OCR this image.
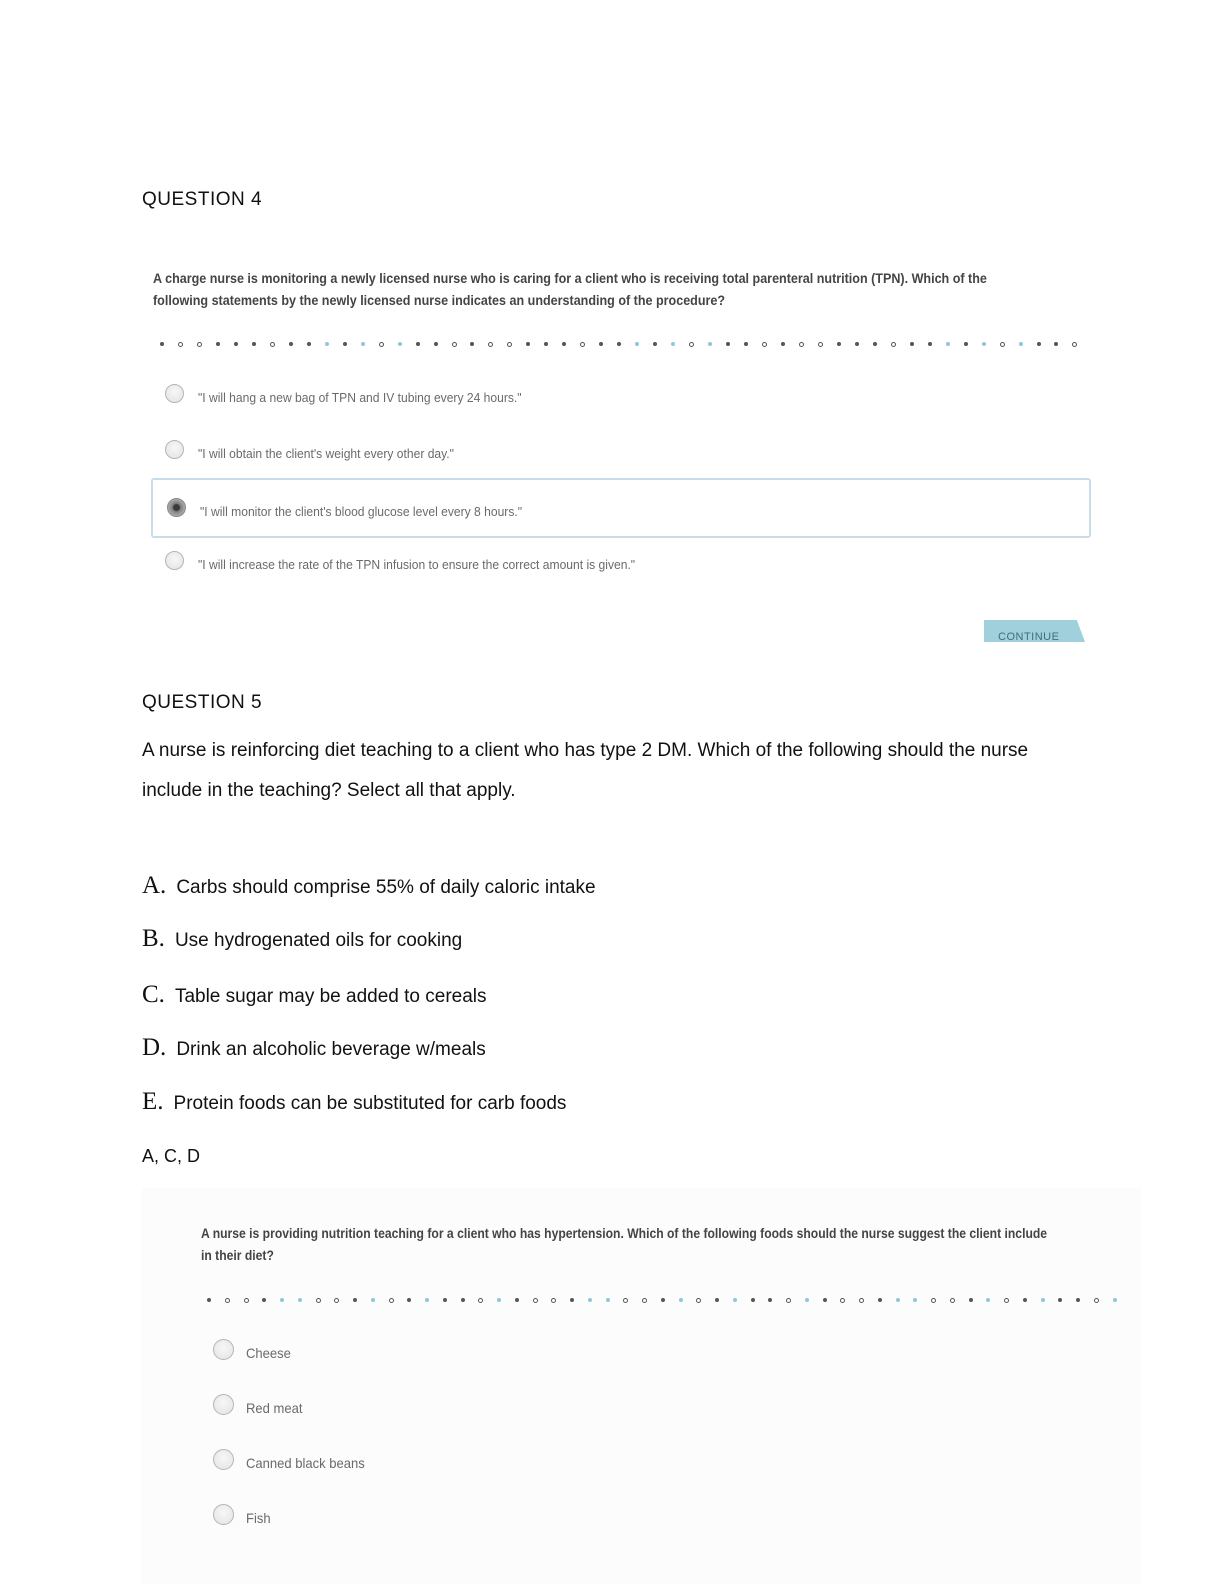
QUESTION 4
A charge nurse is monitoring a newly licensed nurse who is caring for a client who is receiving total parenteral nutrition (TPN). Which of the
following statements by the newly licensed nurse indicates an understanding of the procedure?
"I will hang a new bag of TPN and IV tubing every 24 hours."
"I will obtain the client's weight every other day."
"I will monitor the client's blood glucose level every 8 hours."
"I will increase the rate of the TPN infusion to ensure the correct amount is given."
CONTINUE
QUESTION 5
A nurse is reinforcing diet teaching to a client who has type 2 DM. Which of the following should the nurse include in the teaching? Select all that apply.
A. Carbs should comprise 55% of daily caloric intake
B. Use hydrogenated oils for cooking
C. Table sugar may be added to cereals
D. Drink an alcoholic beverage w/meals
E. Protein foods can be substituted for carb foods
A, C, D
A nurse is providing nutrition teaching for a client who has hypertension. Which of the following foods should the nurse suggest the client include
in their diet?
Cheese
Red meat
Canned black beans
Fish
